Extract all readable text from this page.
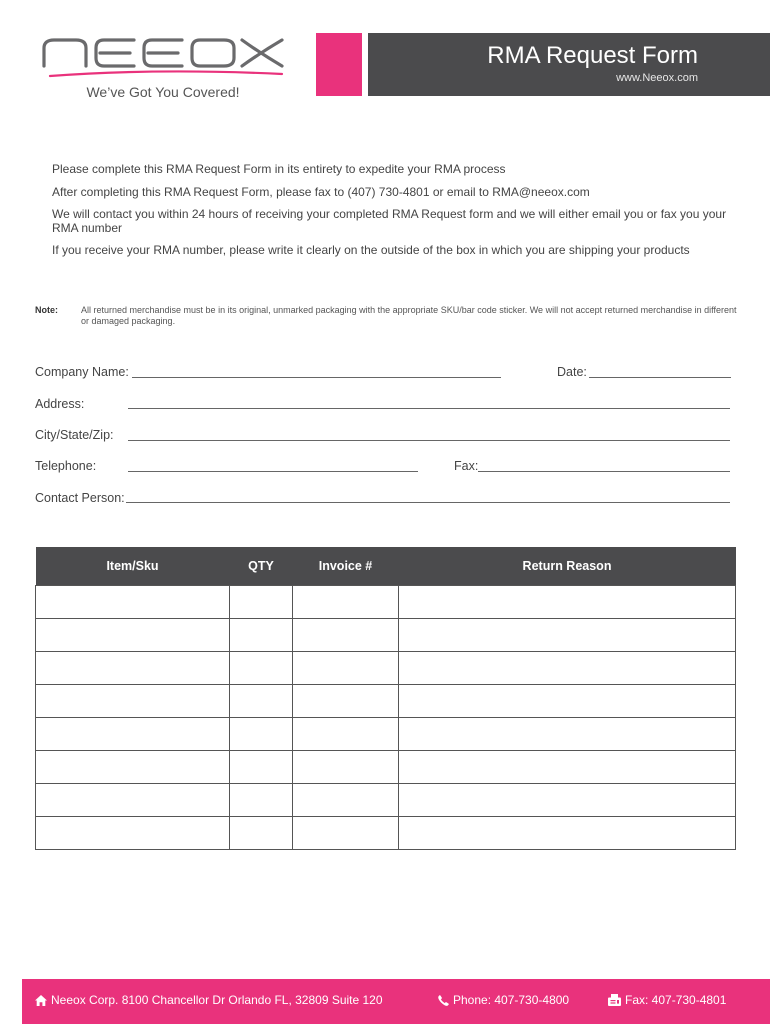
We’ve Got You Covered!
RMA Request Form
www.Neeox.com

Please complete this RMA Request Form in its entirety to expedite your RMA process

After completing this RMA Request Form, please fax to (407) 730-4801 or email to RMA@neeox.com

We will contact you within 24 hours of receiving your completed RMA Request form and we will either email you or fax you your RMA number

If you receive your RMA number, please write it clearly on the outside of the box in which you are shipping your products

Note:	All returned merchandise must be in its original, unmarked packaging with the appropriate SKU/bar code sticker. We will not accept returned merchandise in different or damaged packaging.
Company Name:	Date:
Address:
City/State/Zip:
Telephone:	Fax:
Contact Person:
Item/Sku	QTY	Invoice #	Return Reason

Neeox Corp. 8100 Chancellor Dr Orlando FL, 32809 Suite 120	Phone: 407-730-4800	Fax: 407-730-4801
